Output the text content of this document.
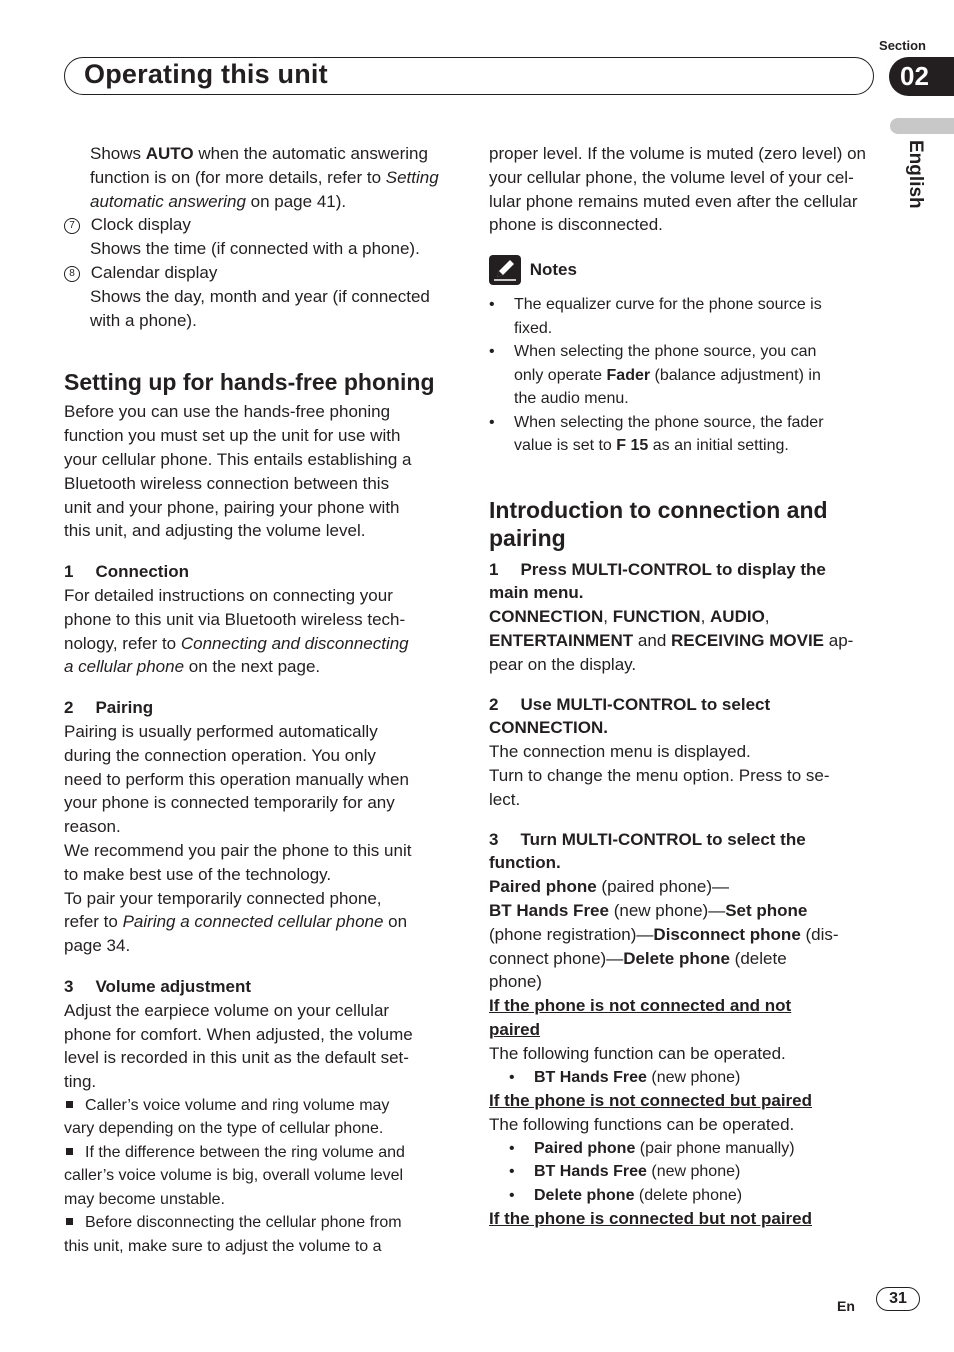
Section
Operating this unit	02
English

Shows AUTO when the automatic answering
function is on (for more details, refer to Setting
automatic answering on page 41).

7 Clock display

Shows the time (if connected with a phone).

8 Calendar display

Shows the day, month and year (if connected
with a phone).

Setting up for hands-free phoning

Before you can use the hands-free phoning
function you must set up the unit for use with
your cellular phone. This entails establishing a
Bluetooth wireless connection between this
unit and your phone, pairing your phone with
this unit, and adjusting the volume level.

1 Connection

For detailed instructions on connecting your
phone to this unit via Bluetooth wireless tech-
nology, refer to Connecting and disconnecting
a cellular phone on the next page.

2 Pairing

Pairing is usually performed automatically
during the connection operation. You only
need to perform this operation manually when
your phone is connected temporarily for any
reason.
We recommend you pair the phone to this unit
to make best use of the technology.
To pair your temporarily connected phone,
refer to Pairing a connected cellular phone on
page 34.

3 Volume adjustment

Adjust the earpiece volume on your cellular
phone for comfort. When adjusted, the volume
level is recorded in this unit as the default set-
ting.

Caller’s voice volume and ring volume may
vary depending on the type of cellular phone.

If the difference between the ring volume and
caller’s voice volume is big, overall volume level
may become unstable.

Before disconnecting the cellular phone from
this unit, make sure to adjust the volume to a

proper level. If the volume is muted (zero level) on
your cellular phone, the volume level of your cel-
lular phone remains muted even after the cellular
phone is disconnected.

Notes

• The equalizer curve for the phone source is
fixed.

• When selecting the phone source, you can
only operate Fader (balance adjustment) in
the audio menu.

• When selecting the phone source, the fader
value is set to F 15 as an initial setting.

Introduction to connection and
pairing

1 Press MULTI-CONTROL to display the
main menu.

CONNECTION, FUNCTION, AUDIO,
ENTERTAINMENT and RECEIVING MOVIE ap-
pear on the display.

2 Use MULTI-CONTROL to select
CONNECTION.

The connection menu is displayed.
Turn to change the menu option. Press to se-
lect.

3 Turn MULTI-CONTROL to select the
function.

Paired phone (paired phone)—
BT Hands Free (new phone)—Set phone
(phone registration)—Disconnect phone (dis-
connect phone)—Delete phone (delete
phone)

If the phone is not connected and not
paired

The following function can be operated.

• BT Hands Free (new phone)

If the phone is not connected but paired

The following functions can be operated.

• Paired phone (pair phone manually)

• BT Hands Free (new phone)

• Delete phone (delete phone)

If the phone is connected but not paired

En	31
